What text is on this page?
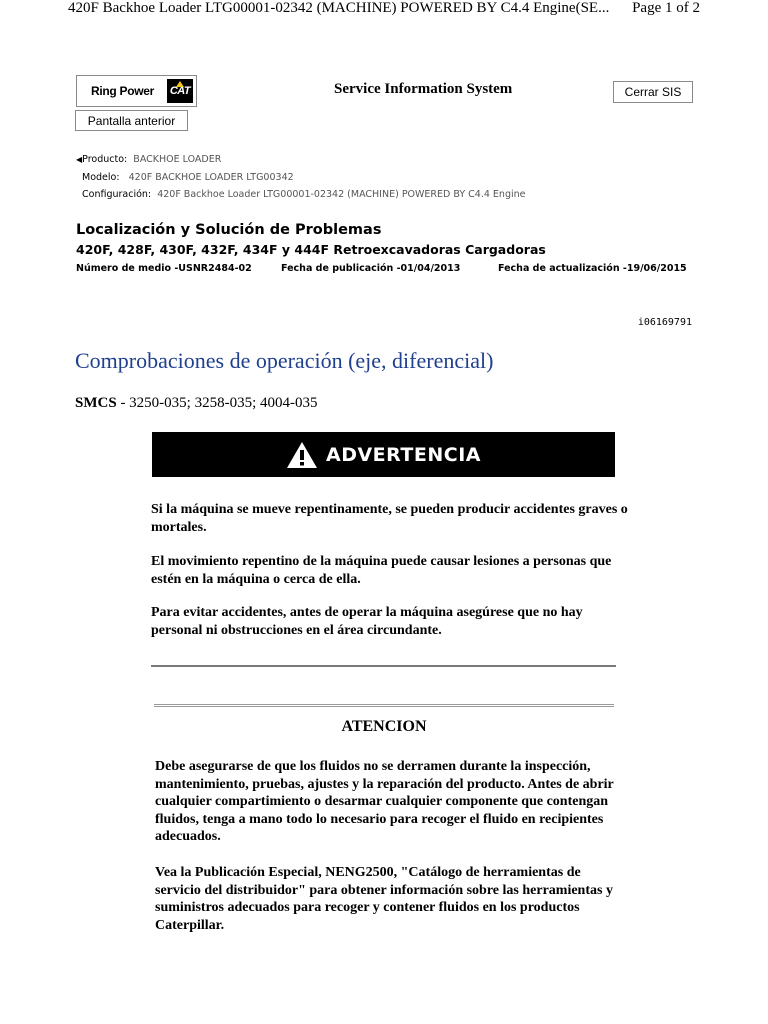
420F Backhoe Loader LTG00001-02342 (MACHINE) POWERED BY C4.4 Engine(SE... Page 1 of 2
Ring Power CAT	Service Information System	Cerrar SIS
Pantalla anterior
◀Producto: BACKHOE LOADER
Modelo: 420F BACKHOE LOADER LTG00342
Configuración: 420F Backhoe Loader LTG00001-02342 (MACHINE) POWERED BY C4.4 Engine
Localización y Solución de Problemas
420F, 428F, 430F, 432F, 434F y 444F Retroexcavadoras Cargadoras
Número de medio -USNR2484-02	Fecha de publicación -01/04/2013	Fecha de actualización -19/06/2015
i06169791
Comprobaciones de operación (eje, diferencial)
SMCS - 3250-035; 3258-035; 4004-035
ADVERTENCIA
Si la máquina se mueve repentinamente, se pueden producir accidentes graves o mortales.
El movimiento repentino de la máquina puede causar lesiones a personas que estén en la máquina o cerca de ella.
Para evitar accidentes, antes de operar la máquina asegúrese que no hay personal ni obstrucciones en el área circundante.
ATENCION
Debe asegurarse de que los fluidos no se derramen durante la inspección, mantenimiento, pruebas, ajustes y la reparación del producto. Antes de abrir cualquier compartimiento o desarmar cualquier componente que contengan fluidos, tenga a mano todo lo necesario para recoger el fluido en recipientes adecuados.
Vea la Publicación Especial, NENG2500, "Catálogo de herramientas de servicio del distribuidor" para obtener información sobre las herramientas y suministros adecuados para recoger y contener fluidos en los productos Caterpillar.
